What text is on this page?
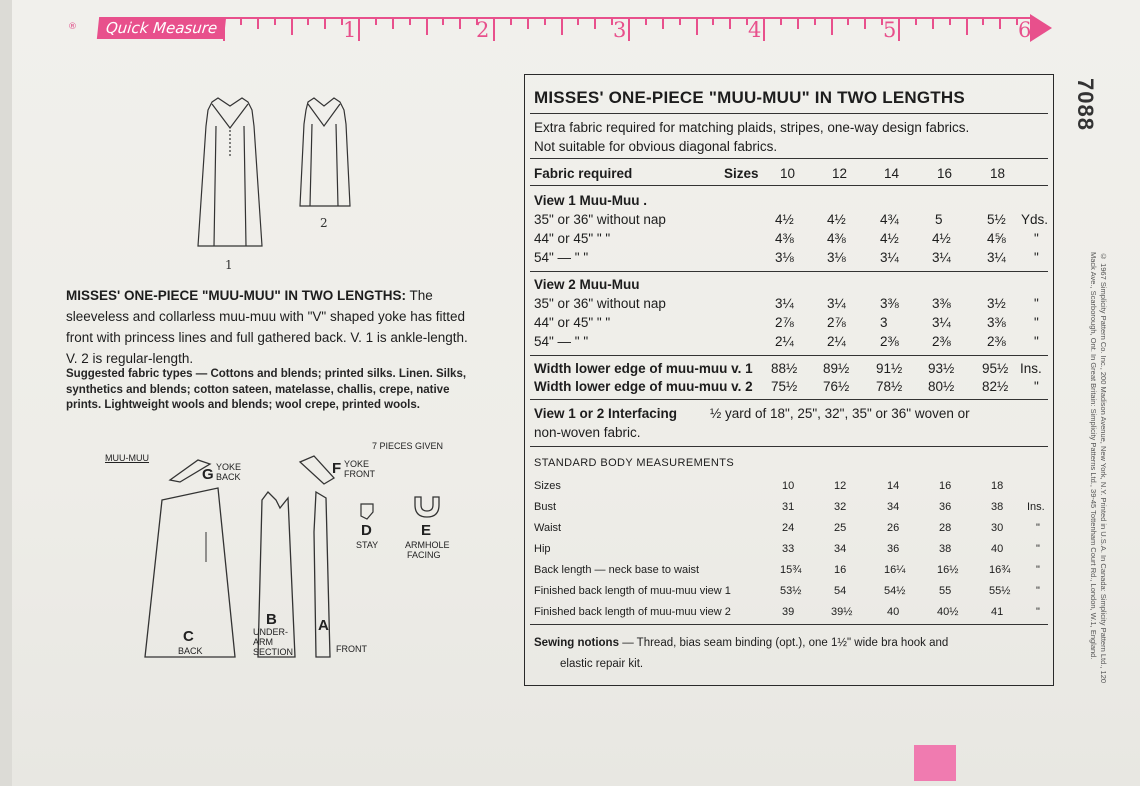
®	Quick Measure	1	2	3	4	5	6
2
1
MISSES' ONE-PIECE "MUU-MUU" IN TWO LENGTHS: The sleeveless and collarless muu-muu with "V" shaped yoke has fitted front with princess lines and full gathered back. V. 1 is ankle-length. V. 2 is regular-length.
Suggested fabric types — Cottons and blends; printed silks. Linen. Silks, synthetics and blends; cotton sateen, matelasse, challis, crepe, native prints. Lightweight wools and blends; wool crepe, printed wools.
MUU-MUU
7 PIECES GIVEN
G YOKE
BACK	F YOKE
FRONT
D
STAY
E
ARMHOLE
FACING
C
BACK
B
UNDER-
ARM
SECTION
A
FRONT
MISSES' ONE-PIECE "MUU-MUU" IN TWO LENGTHS
Extra fabric required for matching plaids, stripes, one-way design fabrics.
Not suitable for obvious diagonal fabrics.
Fabric required	Sizes 10	12	14	16	18
View 1 Muu-Muu .
35" or 36" without nap	4½ 4½	4¾	5	5½ Yds.
44" or 45" " "	4⅜ 4⅜	4½ 4½	4⅝ "
54" — " "	3⅛ 3⅛	3¼ 3¼	3¼ "
View 2 Muu-Muu
35" or 36" without nap	3¼ 3¼	3⅜ 3⅜	3½ "
44" or 45" " "	2⅞ 2⅞	3	3¼	3⅜ "
54" — " "	2¼ 2¼	2⅜ 2⅜	2⅜ "
Width lower edge of muu-muu v. 1 88½ 89½ 91½ 93½ 95½ Ins.
Width lower edge of muu-muu v. 2 75½ 76½ 78½ 80½ 82½ "
View 1 or 2 Interfacing ½ yard of 18", 25", 32", 35" or 36" woven or
non-woven fabric.
STANDARD BODY MEASUREMENTS
Sizes	10	12	14	16	18
Bust	31	32	34	36	38 Ins.
Waist	24	25	26	28	30	"
Hip	33	34	36	38	40	"
Back length — neck base to waist	15¾	16	16¼	16½	16¾ "
Finished back length of muu-muu view 1	53½	54	54½	55	55½ "
Finished back length of muu-muu view 2	39	39½	40	40½	41	"
Sewing notions — Thread, bias seam binding (opt.), one 1½" wide bra hook and
elastic repair kit.
7088
© 1967 Simplicity Pattern Co. Inc., 200 Madison Avenue, New York, N.Y. Printed in U.S.A. In Canada: Simplicity Pattern Ltd., 120 Mack Ave., Scarborough, Ont. In Great Britain: Simplicity Patterns Ltd., 39-45 Tottenham Court Rd., London, W.1, England.
